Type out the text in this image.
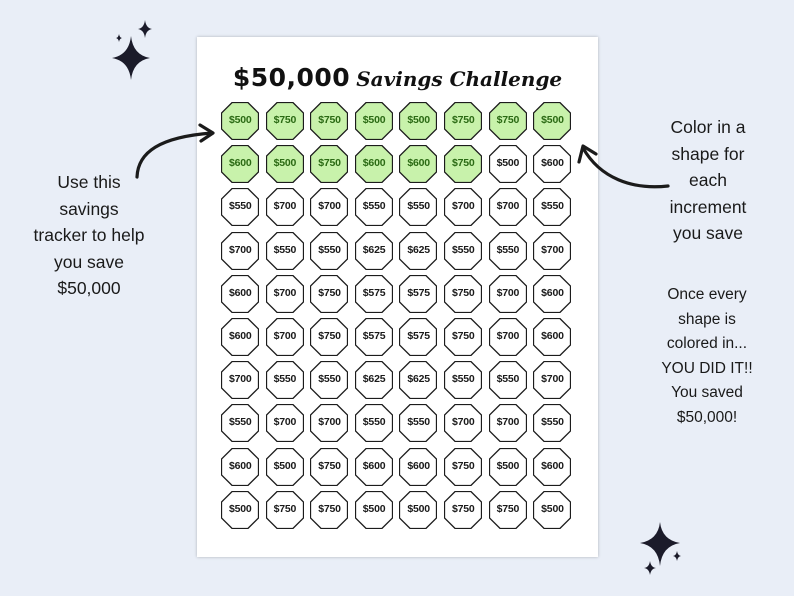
$50,000 Savings Challenge
$500	$750	$750	$500	$500	$750	$750	$500
$600	$500	$750	$600	$600	$750	$500	$600
$550	$700	$700	$550	$550	$700	$700	$550
$700	$550	$550	$625	$625	$550	$550	$700
$600	$700	$750	$575	$575	$750	$700	$600
$600	$700	$750	$575	$575	$750	$700	$600
$700	$550	$550	$625	$625	$550	$550	$700
$550	$700	$700	$550	$550	$700	$700	$550
$600	$500	$750	$600	$600	$750	$500	$600
$500	$750	$750	$500	$500	$750	$750	$500
Use this
savings
tracker to help
you save
$50,000
Color in a
shape for
each
increment
you save
Once every
shape is
colored in...
YOU DID IT!!
You saved
$50,000!
